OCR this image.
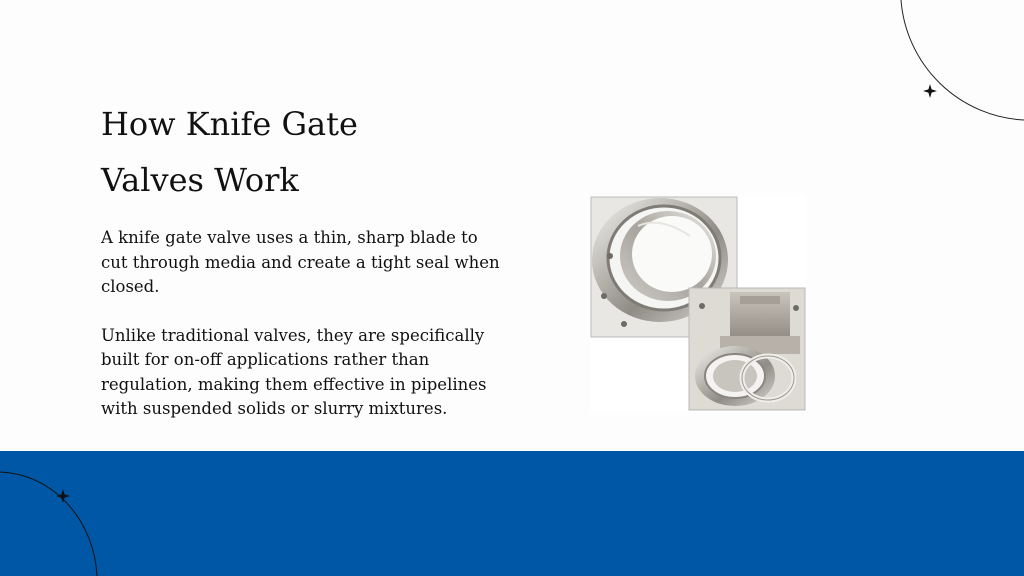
How Knife Gate
Valves Work

A knife gate valve uses a thin, sharp blade to cut through media and create a tight seal when closed.

Unlike traditional valves, they are specifically built for on-off applications rather than regulation, making them effective in pipelines with suspended solids or slurry mixtures.
